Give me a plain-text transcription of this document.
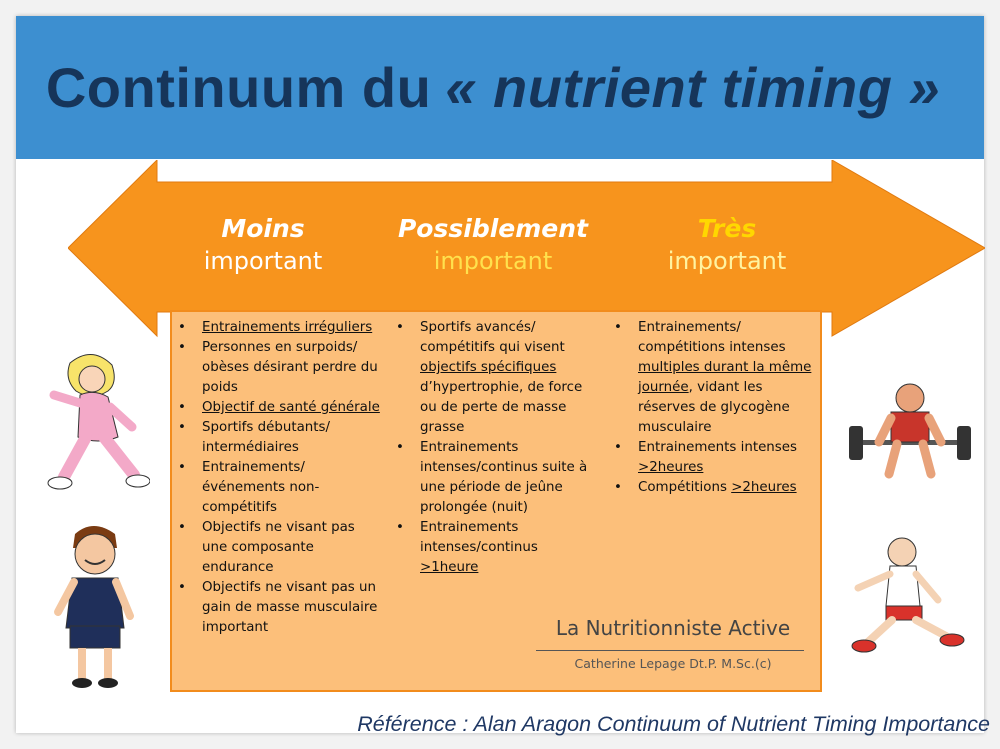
Continuum du « nutrient timing »
Moins
important
Possiblement
important
Très
important
• Entrainements irréguliers
• Personnes en surpoids/ obèses désirant perdre du poids
• Objectif de santé générale
• Sportifs débutants/ intermédiaires
• Entrainements/ événements non-compétitifs
• Objectifs ne visant pas une composante endurance
• Objectifs ne visant pas un gain de masse musculaire important
• Sportifs avancés/ compétitifs qui visent objectifs spécifiques d’hypertrophie, de force ou de perte de masse grasse
• Entrainements intenses/continus suite à une période de jeûne prolongée (nuit)
• Entrainements intenses/continus >1heure
• Entrainements/ compétitions intenses multiples durant la même journée, vidant les réserves de glycogène musculaire
• Entrainements intenses >2heures
• Compétitions >2heures
La Nutritionniste Active
Catherine Lepage Dt.P. M.Sc.(c)
Référence : Alan Aragon Continuum of Nutrient Timing Importance
